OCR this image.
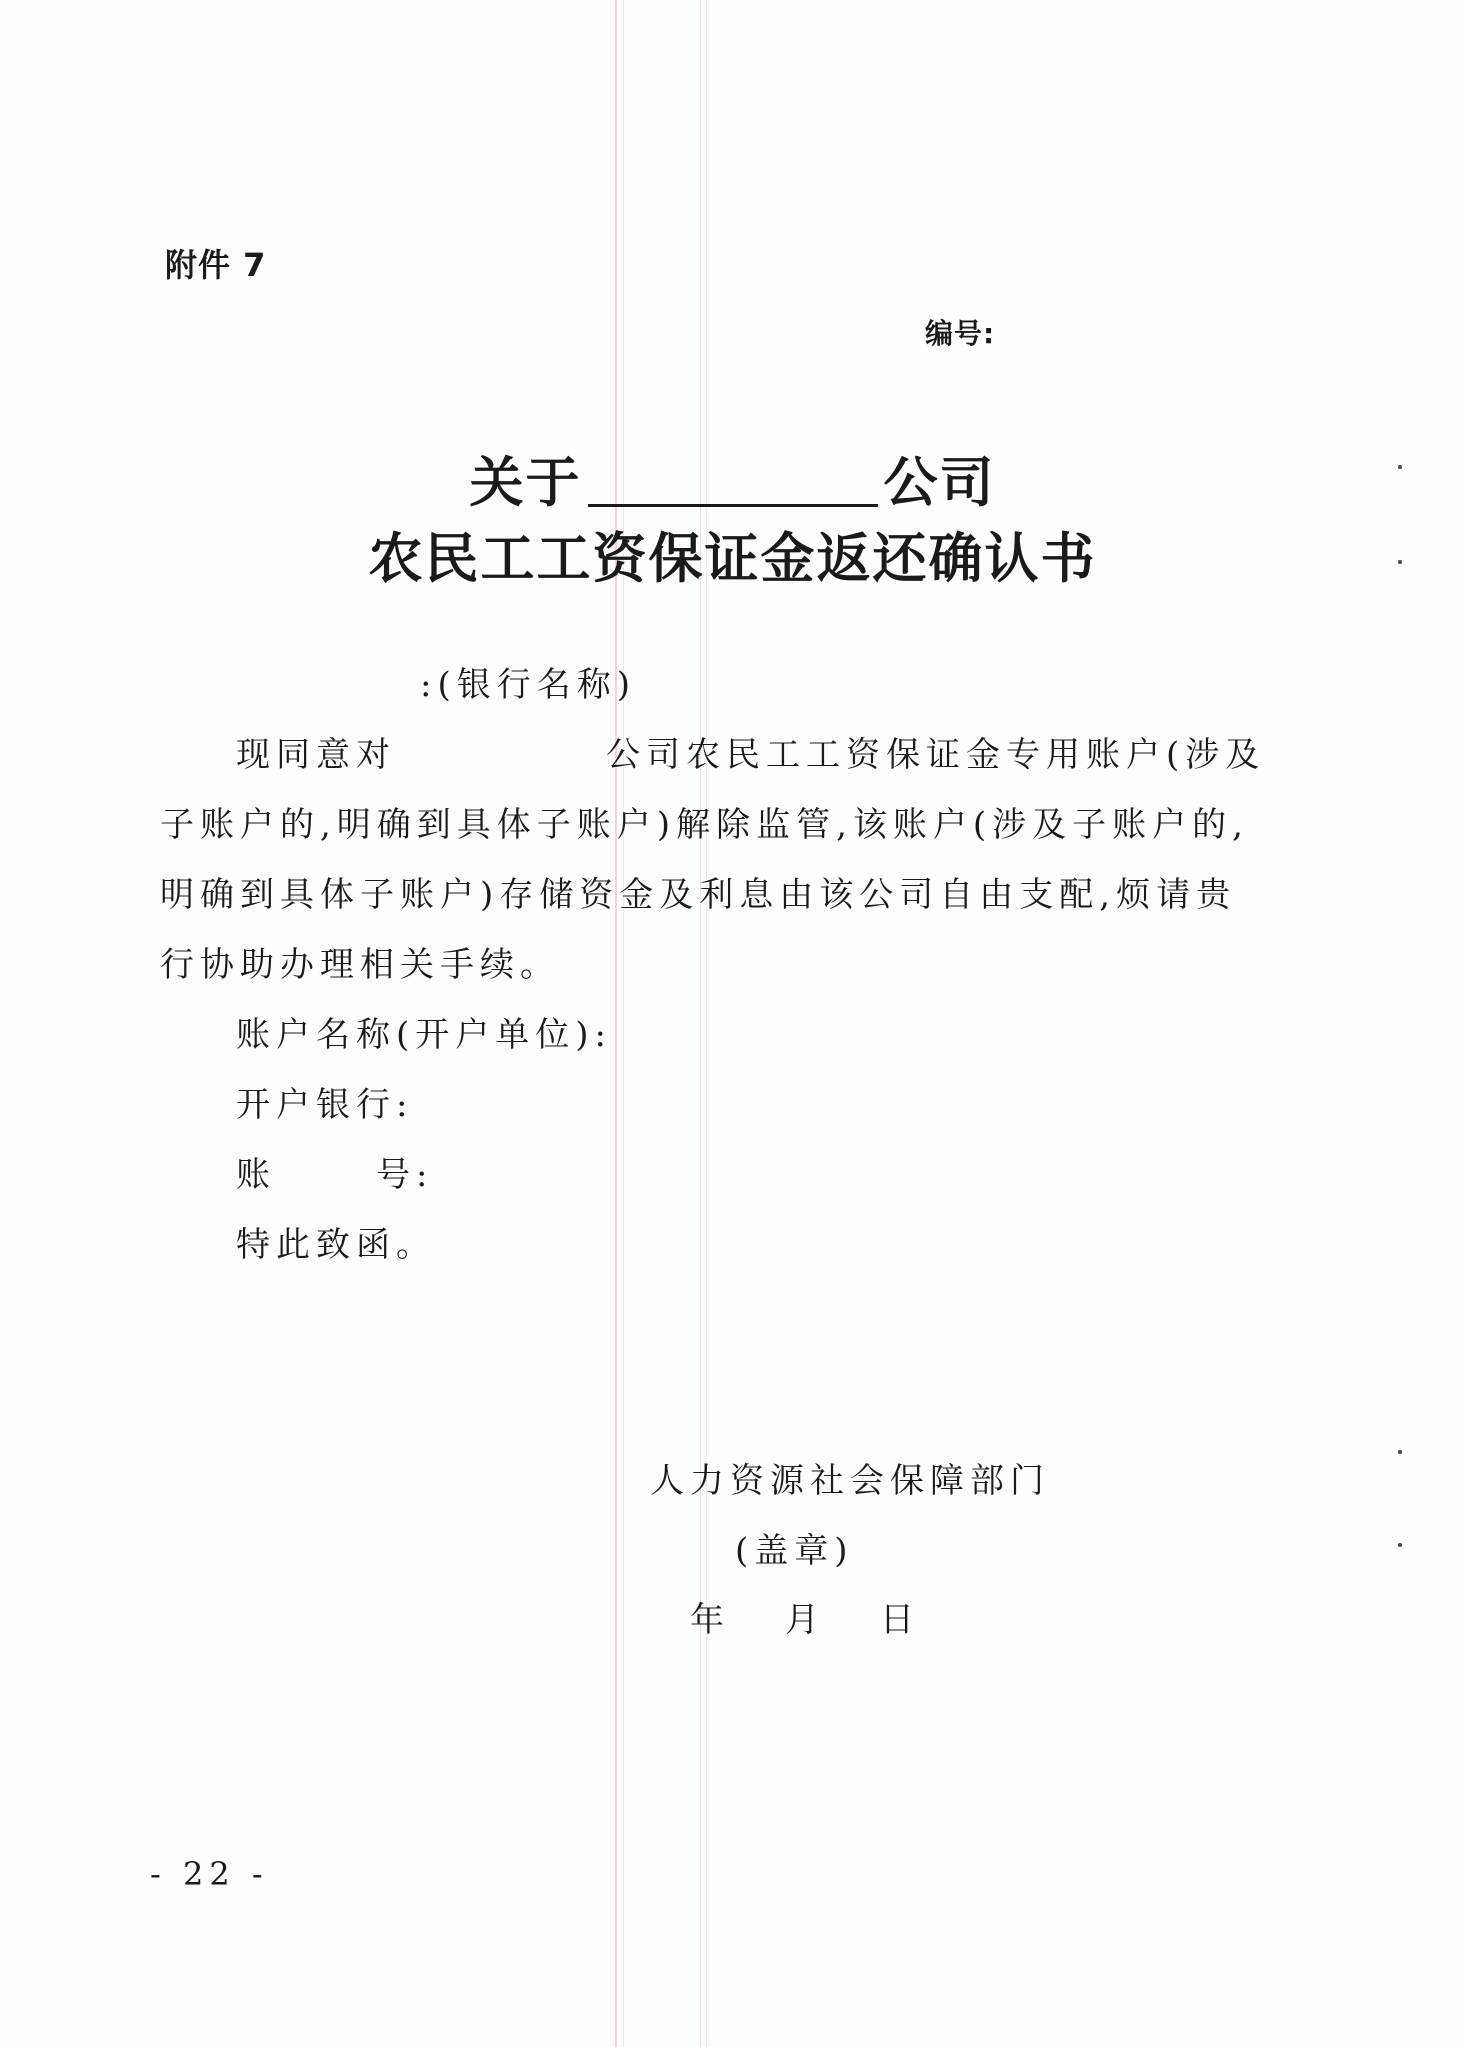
附件 7
编号:
关于	公司
农民工工资保证金返还确认书
:(银行名称)
现同意对	公司农民工工资保证金专用账户(涉及子账户的,明确到具体子账户)解除监管,该账户(涉及子账户的,明确到具体子账户)存储资金及利息由该公司自由支配,烦请贵行协助办理相关手续。
账户名称(开户单位):
开户银行:
账	号:
特此致函。
人力资源社会保障部门
(盖章)
年 月 日
- 22 -
